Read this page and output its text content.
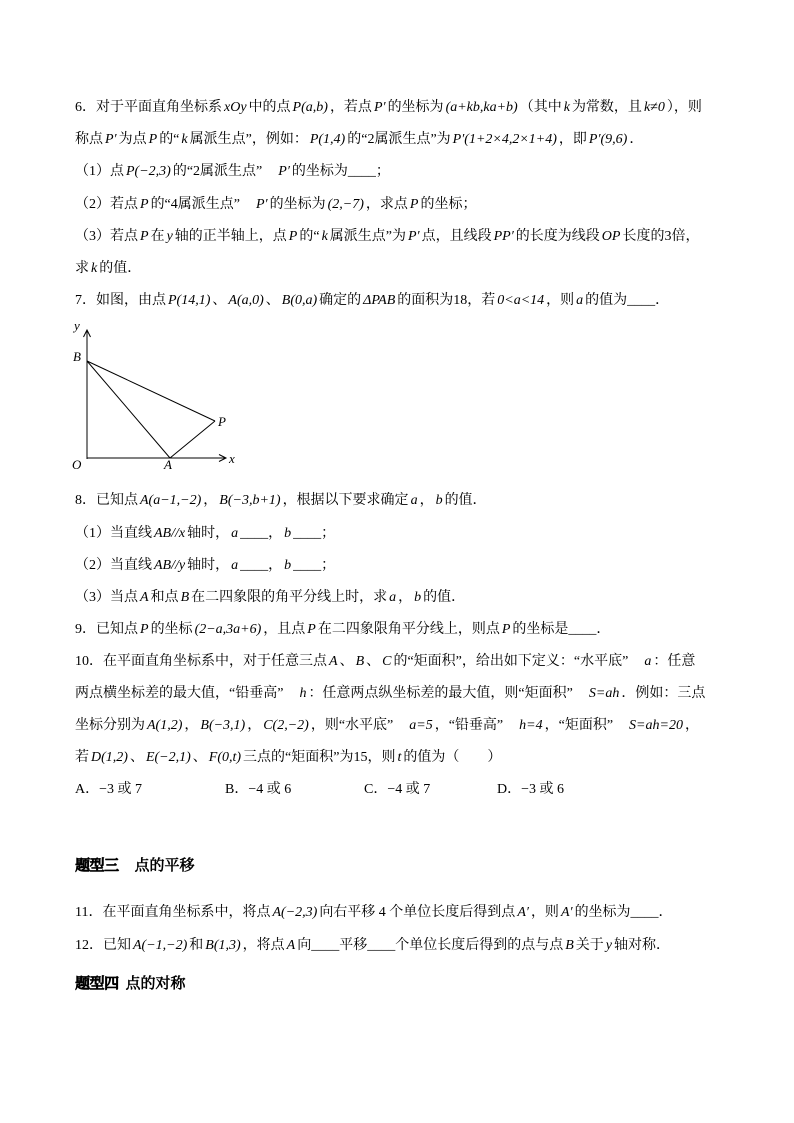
6．对于平面直角坐标系 xOy 中的点 P(a,b) ，若点 P′ 的坐标为 (a+kb,ka+b) （其中 k 为常数，且 k≠0 ），则
称点 P′ 为点 P 的“ k 属派生点”，例如： P(1,4) 的“2属派生点”为 P′(1+2×4,2×1+4) ，即 P′(9,6) ．
（1）点 P(−2,3) 的“2属派生点”　P′ 的坐标为____；
（2）若点 P 的“4属派生点”　P′ 的坐标为 (2,−7) ，求点 P 的坐标；
（3）若点 P 在 y 轴的正半轴上，点 P 的“ k 属派生点”为 P′ 点，且线段 PP′ 的长度为线段 OP 长度的3倍，
求 k 的值．
7．如图，由点 P(14,1) 、 A(a,0) 、 B(0,a) 确定的 ΔPAB 的面积为18，若 0<a<14 ，则 a 的值为____．
y
B
P
O	A	x
8．已知点 A(a−1,−2) ， B(−3,b+1) ，根据以下要求确定 a ， b 的值．
（1）当直线 AB//x 轴时， a ____， b ____；
（2）当直线 AB//y 轴时， a ____， b ____；
（3）当点 A 和点 B 在二四象限的角平分线上时，求 a ， b 的值．
9．已知点 P 的坐标 (2−a,3a+6) ，且点 P 在二四象限角平分线上，则点 P 的坐标是____．
10．在平面直角坐标系中，对于任意三点 A 、 B 、 C 的“矩面积”，给出如下定义：“水平底”　a ：任意
两点横坐标差的最大值，“铅垂高”　h ：任意两点纵坐标差的最大值，则“矩面积”　S=ah ．例如：三点
坐标分别为 A(1,2) ， B(−3,1) ， C(2,−2) ，则“水平底”　a=5 ，“铅垂高”　h=4 ，“矩面积”　S=ah=20 ，
若 D(1,2) 、 E(−2,1) 、 F(0,t) 三点的“矩面积”为15，则 t 的值为（　　）
A．−3 或 7	B．−4 或 6	C．−4 或 7	D．−3 或 6
题型三 点的平移
11．在平面直角坐标系中，将点 A(−2,3) 向右平移 4 个单位长度后得到点 A′ ，则 A′ 的坐标为____．
12．已知 A(−1,−2) 和 B(1,3) ，将点 A 向____平移____个单位长度后得到的点与点 B 关于 y 轴对称．
题型四 点的对称
